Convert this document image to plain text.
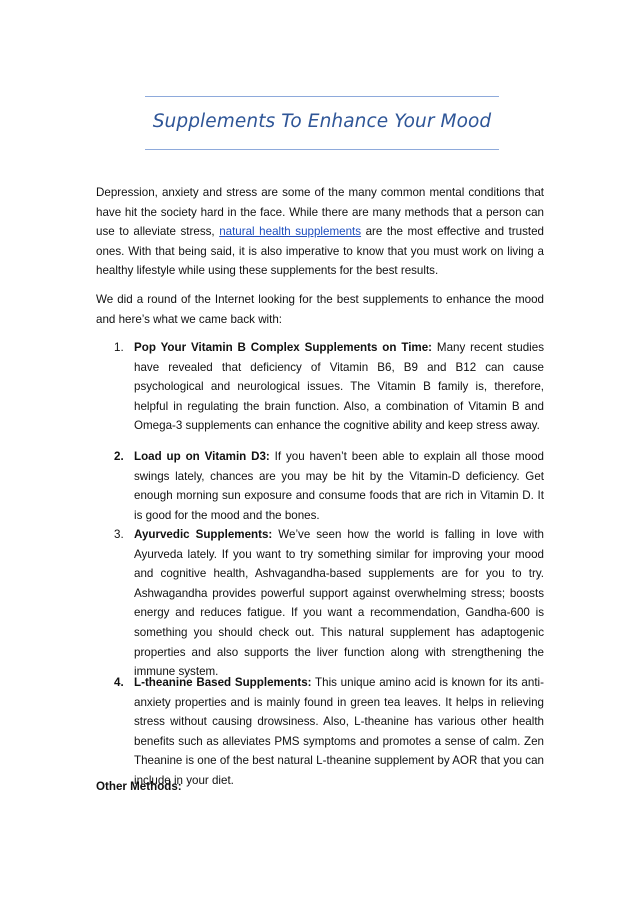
Supplements To Enhance Your Mood

Depression, anxiety and stress are some of the many common mental conditions that have hit the society hard in the face. While there are many methods that a person can use to alleviate stress, natural health supplements are the most effective and trusted ones. With that being said, it is also imperative to know that you must work on living a healthy lifestyle while using these supplements for the best results.

We did a round of the Internet looking for the best supplements to enhance the mood and here’s what we came back with:

1. Pop Your Vitamin B Complex Supplements on Time: Many recent studies have revealed that deficiency of Vitamin B6, B9 and B12 can cause psychological and neurological issues. The Vitamin B family is, therefore, helpful in regulating the brain function. Also, a combination of Vitamin B and Omega-3 supplements can enhance the cognitive ability and keep stress away.
2. Load up on Vitamin D3: If you haven’t been able to explain all those mood swings lately, chances are you may be hit by the Vitamin-D deficiency. Get enough morning sun exposure and consume foods that are rich in Vitamin D. It is good for the mood and the bones.
3. Ayurvedic Supplements: We’ve seen how the world is falling in love with Ayurveda lately. If you want to try something similar for improving your mood and cognitive health, Ashvagandha-based supplements are for you to try. Ashwagandha provides powerful support against overwhelming stress; boosts energy and reduces fatigue. If you want a recommendation, Gandha-600 is something you should check out. This natural supplement has adaptogenic properties and also supports the liver function along with strengthening the immune system.
4. L-theanine Based Supplements: This unique amino acid is known for its anti-anxiety properties and is mainly found in green tea leaves. It helps in relieving stress without causing drowsiness. Also, L-theanine has various other health benefits such as alleviates PMS symptoms and promotes a sense of calm. Zen Theanine is one of the best natural L-theanine supplement by AOR that you can include in your diet.
Other Methods:
